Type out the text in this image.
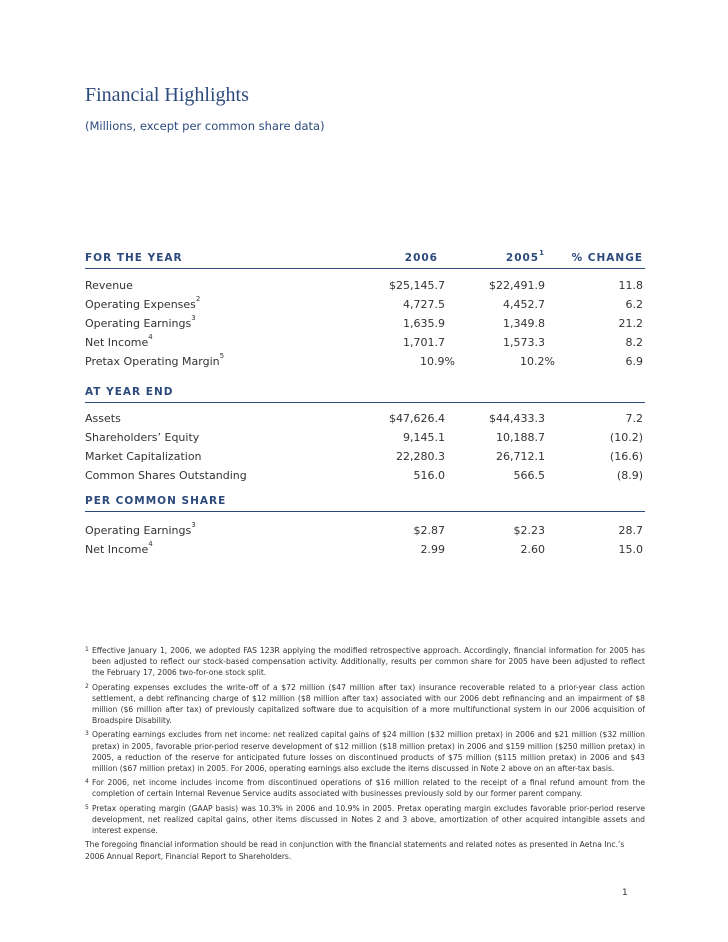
Financial Highlights
(Millions, except per common share data)
FOR THE YEAR	2006	2005$^1$	% CHANGE
Revenue	$25,145.7	$22,491.9	11.8
Operating Expenses$^2$	4,727.5	4,452.7	6.2
Operating Earnings$^3$	1,635.9	1,349.8	21.2
Net Income$^4$	1,701.7	1,573.3	8.2
Pretax Operating Margin$^5$	10.9%	10.2%	6.9
AT YEAR END
Assets	$47,626.4	$44,433.3	7.2
Shareholders’ Equity	9,145.1	10,188.7	(10.2)
Market Capitalization	22,280.3	26,712.1	(16.6)
Common Shares Outstanding	516.0	566.5	(8.9)
PER COMMON SHARE
Operating Earnings$^3$	$2.87	$2.23	28.7
Net Income$^4$	2.99	2.60	15.0
1 Effective January 1, 2006, we adopted FAS 123R applying the modified retrospective approach. Accordingly, financial information for 2005 has been adjusted to reflect our stock-based compensation activity. Additionally, results per common share for 2005 have been adjusted to reflect the February 17, 2006 two-for-one stock split.
2 Operating expenses excludes the write-off of a $72 million ($47 million after tax) insurance recoverable related to a prior-year class action settlement, a debt refinancing charge of $12 million ($8 million after tax) associated with our 2006 debt refinancing and an impairment of $8 million ($6 million after tax) of previously capitalized software due to acquisition of a more multifunctional system in our 2006 acquisition of Broadspire Disability.
3 Operating earnings excludes from net income: net realized capital gains of $24 million ($32 million pretax) in 2006 and $21 million ($32 million pretax) in 2005, favorable prior-period reserve development of $12 million ($18 million pretax) in 2006 and $159 million ($250 million pretax) in 2005, a reduction of the reserve for anticipated future losses on discontinued products of $75 million ($115 million pretax) in 2006 and $43 million ($67 million pretax) in 2005. For 2006, operating earnings also exclude the items discussed in Note 2 above on an after-tax basis.
4 For 2006, net income includes income from discontinued operations of $16 million related to the receipt of a final refund amount from the completion of certain Internal Revenue Service audits associated with businesses previously sold by our former parent company.
5 Pretax operating margin (GAAP basis) was 10.3% in 2006 and 10.9% in 2005. Pretax operating margin excludes favorable prior-period reserve development, net realized capital gains, other items discussed in Notes 2 and 3 above, amortization of other acquired intangible assets and interest expense.
The foregoing financial information should be read in conjunction with the financial statements and related notes as presented in Aetna Inc.’s 2006 Annual Report, Financial Report to Shareholders.
1
